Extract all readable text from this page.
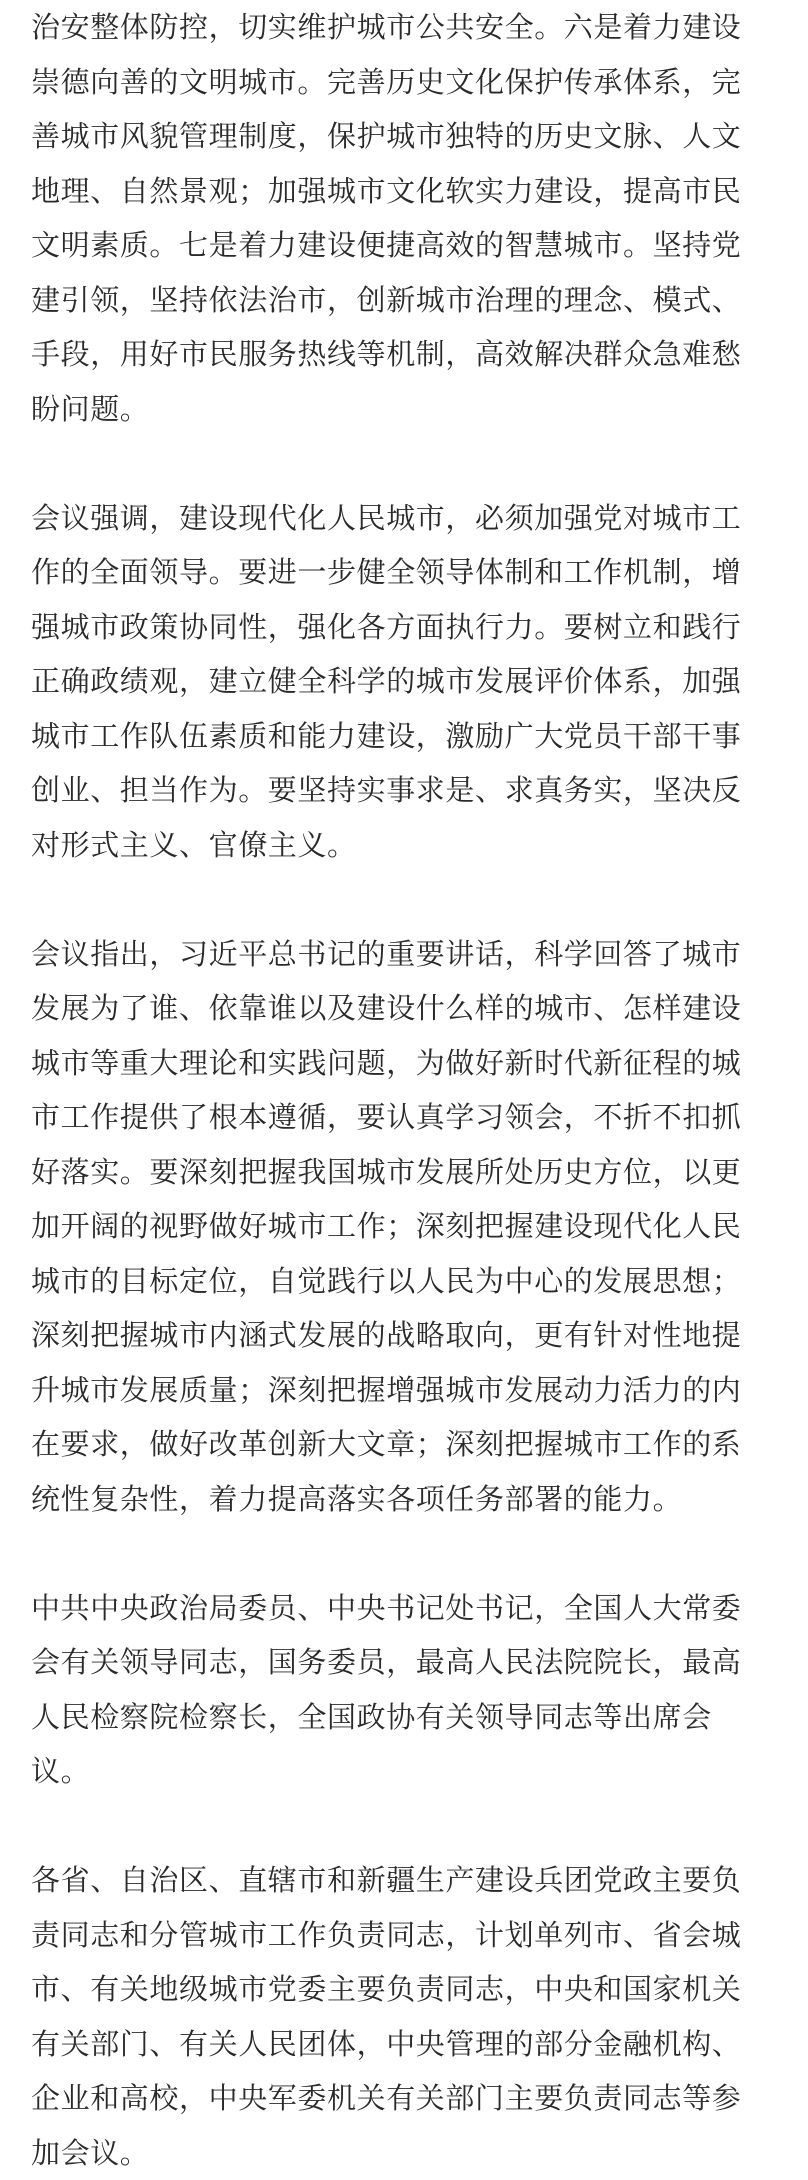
治安整体防控，切实维护城市公共安全。六是着力建设
崇德向善的文明城市。完善历史文化保护传承体系，完
善城市风貌管理制度，保护城市独特的历史文脉、人文
地理、自然景观；加强城市文化软实力建设，提高市民
文明素质。七是着力建设便捷高效的智慧城市。坚持党
建引领，坚持依法治市，创新城市治理的理念、模式、
手段，用好市民服务热线等机制，高效解决群众急难愁
盼问题。
会议强调，建设现代化人民城市，必须加强党对城市工
作的全面领导。要进一步健全领导体制和工作机制，增
强城市政策协同性，强化各方面执行力。要树立和践行
正确政绩观，建立健全科学的城市发展评价体系，加强
城市工作队伍素质和能力建设，激励广大党员干部干事
创业、担当作为。要坚持实事求是、求真务实，坚决反
对形式主义、官僚主义。
会议指出，习近平总书记的重要讲话，科学回答了城市
发展为了谁、依靠谁以及建设什么样的城市、怎样建设
城市等重大理论和实践问题，为做好新时代新征程的城
市工作提供了根本遵循，要认真学习领会，不折不扣抓
好落实。要深刻把握我国城市发展所处历史方位，以更
加开阔的视野做好城市工作；深刻把握建设现代化人民
城市的目标定位，自觉践行以人民为中心的发展思想；
深刻把握城市内涵式发展的战略取向，更有针对性地提
升城市发展质量；深刻把握增强城市发展动力活力的内
在要求，做好改革创新大文章；深刻把握城市工作的系
统性复杂性，着力提高落实各项任务部署的能力。
中共中央政治局委员、中央书记处书记，全国人大常委
会有关领导同志，国务委员，最高人民法院院长，最高
人民检察院检察长，全国政协有关领导同志等出席会
议。
各省、自治区、直辖市和新疆生产建设兵团党政主要负
责同志和分管城市工作负责同志，计划单列市、省会城
市、有关地级城市党委主要负责同志，中央和国家机关
有关部门、有关人民团体，中央管理的部分金融机构、
企业和高校，中央军委机关有关部门主要负责同志等参
加会议。
